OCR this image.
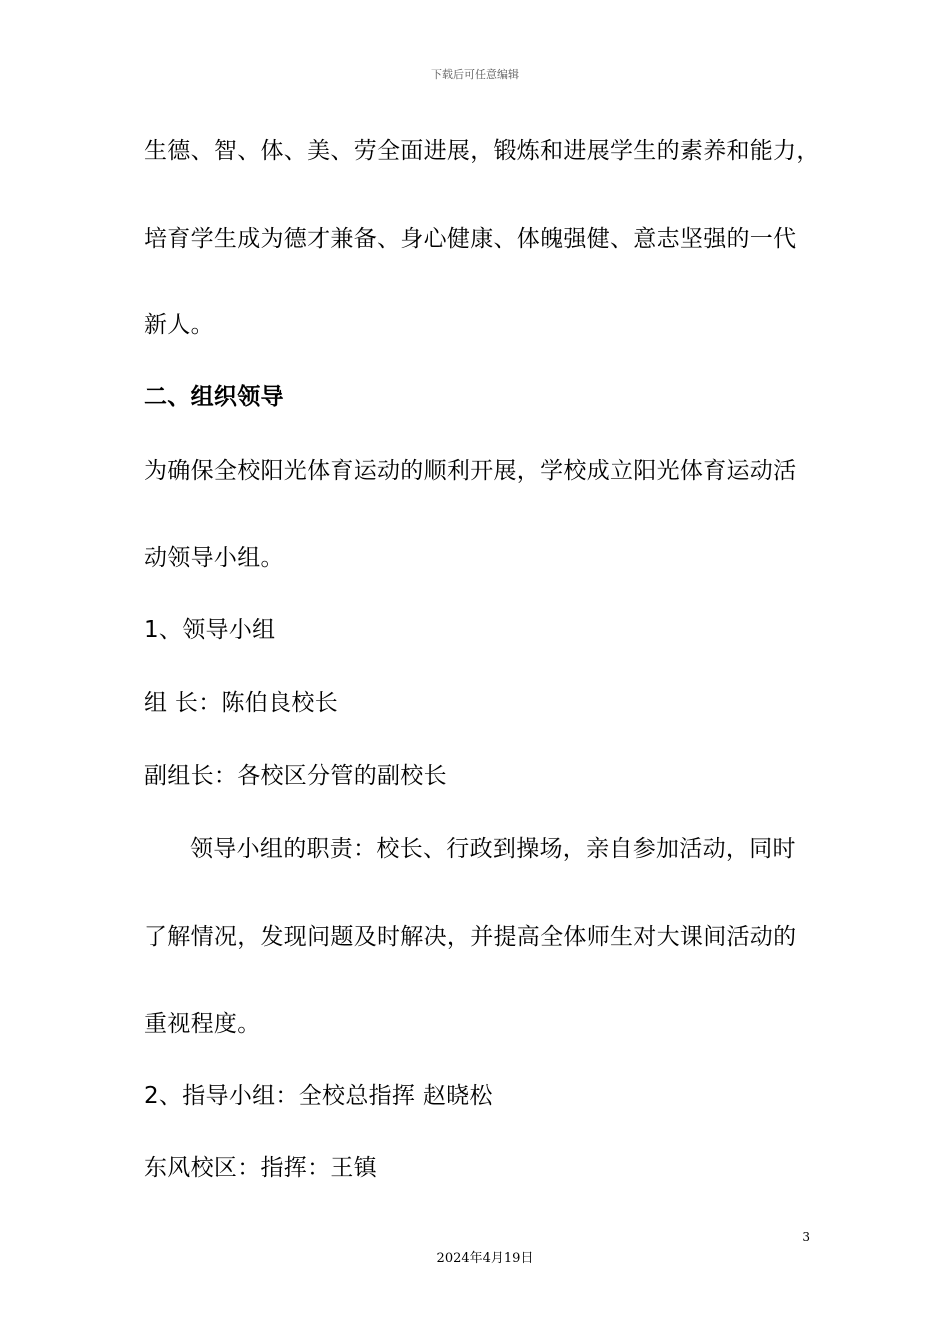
下载后可任意编辑
生德、智、体、美、劳全面进展，锻炼和进展学生的素养和能力，
培育学生成为德才兼备、身心健康、体魄强健、意志坚强的一代
新人。
二、组织领导
为确保全校阳光体育运动的顺利开展，学校成立阳光体育运动活
动领导小组。
1、领导小组
组 长：陈伯良校长
副组长：各校区分管的副校长
领导小组的职责：校长、行政到操场，亲自参加活动，同时
了解情况，发现问题及时解决，并提高全体师生对大课间活动的
重视程度。
2、指导小组：全校总指挥 赵晓松
东风校区：指挥：王镇
3
2024年4月19日
